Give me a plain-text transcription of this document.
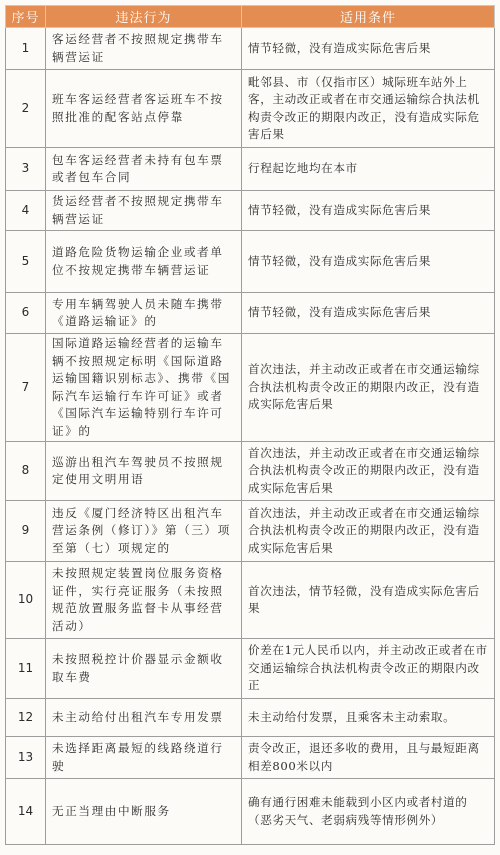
序号	违法行为	适用条件
1	客运经营者不按照规定携带车辆营运证	情节轻微，没有造成实际危害后果
2	班车客运经营者客运班车不按照批准的配客站点停靠	毗邻县、市（仅指市区）城际班车站外上客，主动改正或者在市交通运输综合执法机构责令改正的期限内改正，没有造成实际危害后果
3	包车客运经营者未持有包车票或者包车合同	行程起讫地均在本市
4	货运经营者不按照规定携带车辆营运证	情节轻微，没有造成实际危害后果
5	道路危险货物运输企业或者单位不按规定携带车辆营运证	情节轻微，没有造成实际危害后果
6	专用车辆驾驶人员未随车携带《道路运输证》的	情节轻微，没有造成实际危害后果
7	国际道路运输经营者的运输车辆不按照规定标明《国际道路运输国籍识别标志》、携带《国际汽车运输行车许可证》或者《国际汽车运输特别行车许可证》的	首次违法，并主动改正或者在市交通运输综合执法机构责令改正的期限内改正，没有造成实际危害后果
8	巡游出租汽车驾驶员不按照规定使用文明用语	首次违法，并主动改正或者在市交通运输综合执法机构责令改正的期限内改正，没有造成实际危害后果
9	违反《厦门经济特区出租汽车营运条例（修订）》第（三）项至第（七）项规定的	首次违法，并主动改正或者在市交通运输综合执法机构责令改正的期限内改正，没有造成实际危害后果
10	未按照规定装置岗位服务资格证件，实行亮证服务（未按照规范放置服务监督卡从事经营活动）	首次违法，情节轻微，没有造成实际危害后果
11	未按照税控计价器显示金额收取车费	价差在1元人民币以内，并主动改正或者在市交通运输综合执法机构责令改正的期限内改正
12	未主动给付出租汽车专用发票	未主动给付发票，且乘客未主动索取。
13	未选择距离最短的线路绕道行驶	责令改正，退还多收的费用，且与最短距离相差800米以内
14	无正当理由中断服务	确有通行困难未能载到小区内或者村道的（恶劣天气、老弱病残等情形例外）
